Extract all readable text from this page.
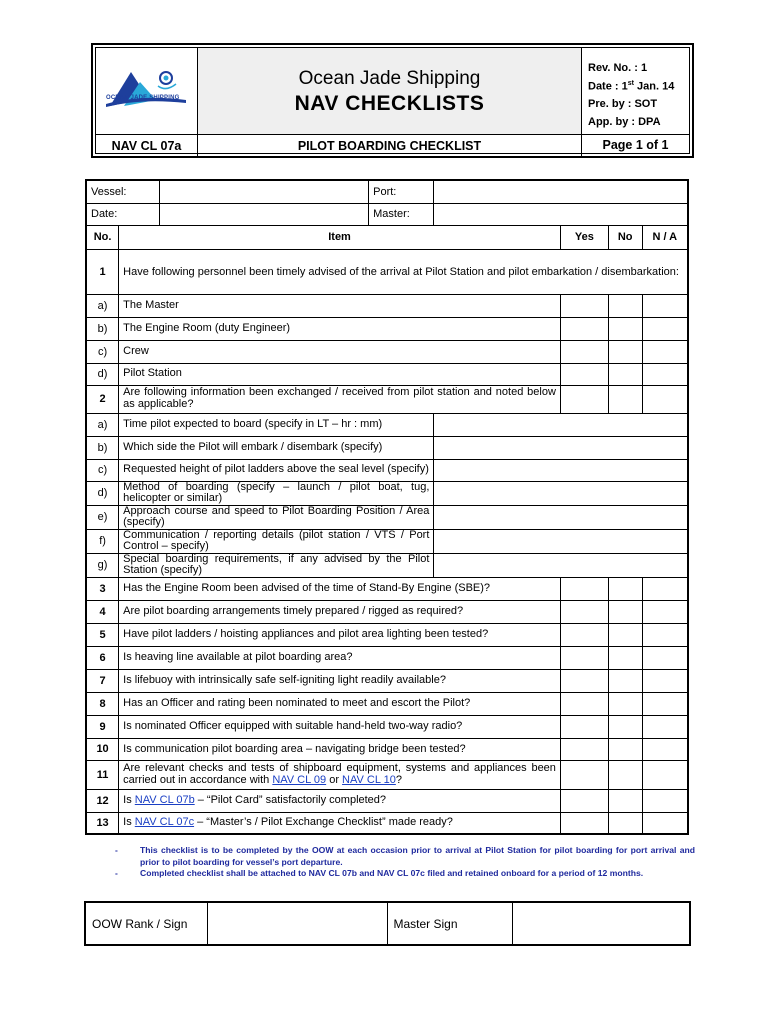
OCEAN JADE SHIPPING
Ocean Jade Shipping
NAV CHECKLISTS
Rev. No. : 1
Date : 1st Jan. 14
Pre. by : SOT
App. by : DPA
NAV CL 07a	PILOT BOARDING CHECKLIST	Page 1 of 1
Vessel:			Port:				
Date:			Master:				
No.	Item				Yes	No	N / A
1	Have following personnel been timely advised of the arrival at Pilot Station and pilot embarkation / disembarkation:						
a)	The Master						
b)	The Engine Room (duty Engineer)						
c)	Crew						
d)	Pilot Station						
2	Are following information been exchanged / received from pilot station and noted below as applicable?						
a)	Time pilot expected to board (specify in LT – hr : mm)						
b)	Which side the Pilot will embark / disembark (specify)						
c)	Requested height of pilot ladders above the seal level (specify)						
d)	Method of boarding (specify – launch / pilot boat, tug, helicopter or similar)						
e)	Approach course and speed to Pilot Boarding Position / Area (specify)						
f)	Communication / reporting details (pilot station / VTS / Port Control – specify)						
g)	Special boarding requirements, if any advised by the Pilot Station (specify)						
3	Has the Engine Room been advised of the time of Stand-By Engine (SBE)?						
4	Are pilot boarding arrangements timely prepared / rigged as required?						
5	Have pilot ladders / hoisting appliances and pilot area lighting been tested?						
6	Is heaving line available at pilot boarding area?						
7	Is lifebuoy with intrinsically safe self-igniting light readily available?						
8	Has an Officer and rating been nominated to meet and escort the Pilot?						
9	Is nominated Officer equipped with suitable hand-held two-way radio?						
10	Is communication pilot boarding area – navigating bridge been tested?						
11	Are relevant checks and tests of shipboard equipment, systems and appliances been carried out in accordance with NAV CL 09 or NAV CL 10?						
12	Is NAV CL 07b – “Pilot Card” satisfactorily completed?						
13	Is NAV CL 07c – “Master’s / Pilot Exchange Checklist” made ready?						
-	This checklist is to be completed by the OOW at each occasion prior to arrival at Pilot Station for pilot boarding for port arrival and prior to pilot boarding for vessel’s port departure.
-	Completed checklist shall be attached to NAV CL 07b and NAV CL 07c filed and retained onboard for a period of 12 months.
OOW Rank / Sign		Master Sign	
